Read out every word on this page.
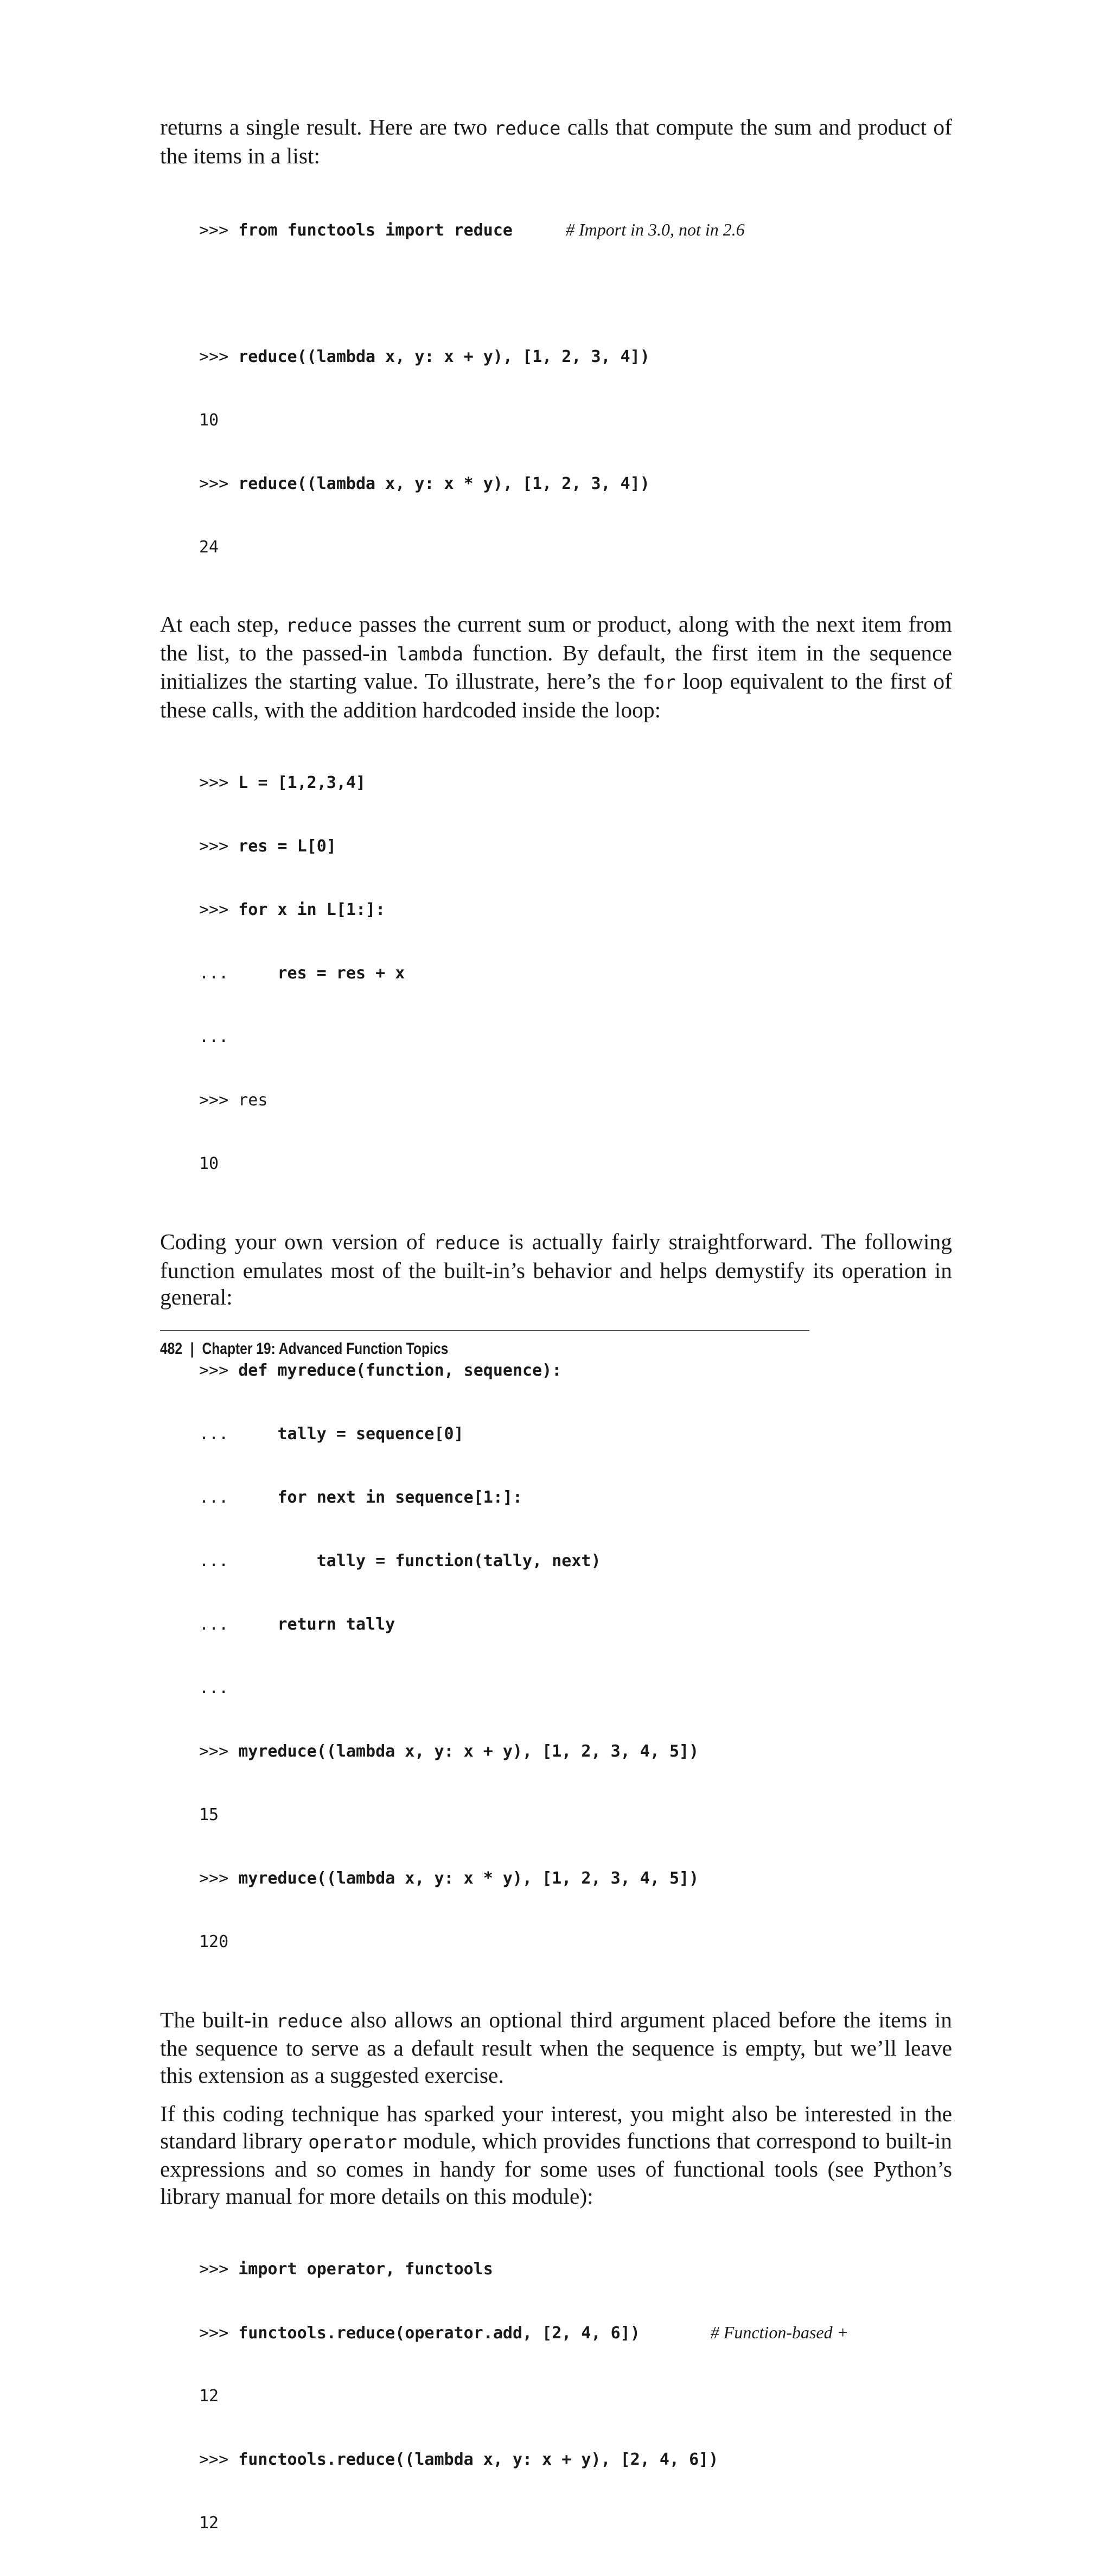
returns a single result. Here are two reduce calls that compute the sum and product of the items in a list:

>>> from functools import reduce	# Import in 3.0, not in 2.6

>>> reduce((lambda x, y: x + y), [1, 2, 3, 4])

10

>>> reduce((lambda x, y: x * y), [1, 2, 3, 4])

24

At each step, reduce passes the current sum or product, along with the next item from the list, to the passed-in lambda function. By default, the first item in the sequence initializes the starting value. To illustrate, here’s the for loop equivalent to the first of these calls, with the addition hardcoded inside the loop:

>>> L = [1,2,3,4]

>>> res = L[0]

>>> for x in L[1:]:

...     res = res + x

...

>>> res

10

Coding your own version of reduce is actually fairly straightforward. The following function emulates most of the built-in’s behavior and helps demystify its operation in general:

>>> def myreduce(function, sequence):

...     tally = sequence[0]

...     for next in sequence[1:]:

...         tally = function(tally, next)

...     return tally

...

>>> myreduce((lambda x, y: x + y), [1, 2, 3, 4, 5])

15

>>> myreduce((lambda x, y: x * y), [1, 2, 3, 4, 5])

120

The built-in reduce also allows an optional third argument placed before the items in the sequence to serve as a default result when the sequence is empty, but we’ll leave this extension as a suggested exercise.

If this coding technique has sparked your interest, you might also be interested in the standard library operator module, which provides functions that correspond to built-in expressions and so comes in handy for some uses of functional tools (see Python’s library manual for more details on this module):

>>> import operator, functools

>>> functools.reduce(operator.add, [2, 4, 6])	# Function-based +

12

>>> functools.reduce((lambda x, y: x + y), [2, 4, 6])

12

482 | Chapter 19: Advanced Function Topics
